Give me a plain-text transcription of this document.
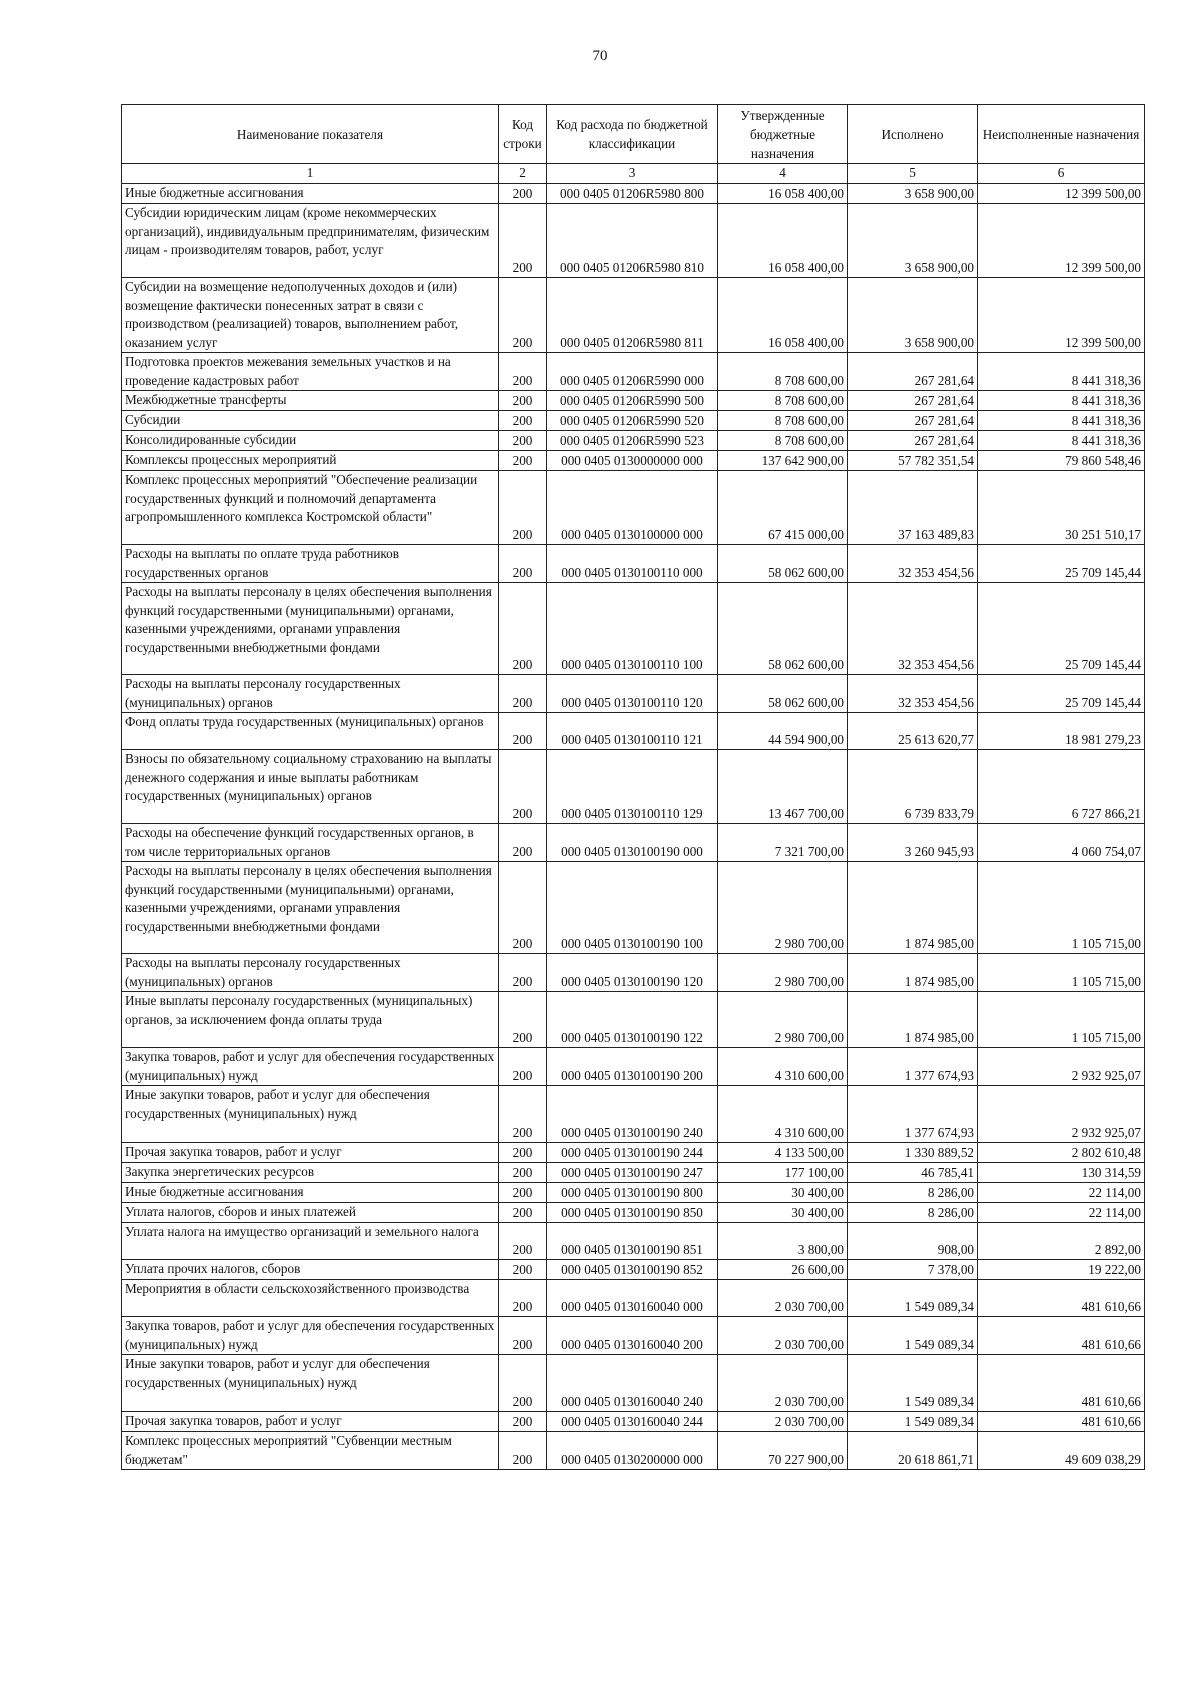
70
Наименование показателя	Код строки	Код расхода по бюджетной классификации	Утвержденные бюджетные назначения	Исполнено	Неисполненные назначения
1	2	3	4	5	6
Иные бюджетные ассигнования	200	000 0405 01206R5980 800	16 058 400,00	3 658 900,00	12 399 500,00
Субсидии юридическим лицам (кроме некоммерческих организаций), индивидуальным предпринимателям, физическим лицам - производителям товаров, работ, услуг	200	000 0405 01206R5980 810	16 058 400,00	3 658 900,00	12 399 500,00
Субсидии на возмещение недополученных доходов и (или) возмещение фактически понесенных затрат в связи с производством (реализацией) товаров, выполнением работ, оказанием услуг	200	000 0405 01206R5980 811	16 058 400,00	3 658 900,00	12 399 500,00
Подготовка проектов межевания земельных участков и на проведение кадастровых работ	200	000 0405 01206R5990 000	8 708 600,00	267 281,64	8 441 318,36
Межбюджетные трансферты	200	000 0405 01206R5990 500	8 708 600,00	267 281,64	8 441 318,36
Субсидии	200	000 0405 01206R5990 520	8 708 600,00	267 281,64	8 441 318,36
Консолидированные субсидии	200	000 0405 01206R5990 523	8 708 600,00	267 281,64	8 441 318,36
Комплексы процессных мероприятий	200	000 0405 0130000000 000	137 642 900,00	57 782 351,54	79 860 548,46
Комплекс процессных мероприятий "Обеспечение реализации государственных функций и полномочий департамента агропромышленного комплекса Костромской области"	200	000 0405 0130100000 000	67 415 000,00	37 163 489,83	30 251 510,17
Расходы на выплаты по оплате труда работников государственных органов	200	000 0405 0130100110 000	58 062 600,00	32 353 454,56	25 709 145,44
Расходы на выплаты персоналу в целях обеспечения выполнения функций государственными (муниципальными) органами, казенными учреждениями, органами управления государственными внебюджетными фондами	200	000 0405 0130100110 100	58 062 600,00	32 353 454,56	25 709 145,44
Расходы на выплаты персоналу государственных (муниципальных) органов	200	000 0405 0130100110 120	58 062 600,00	32 353 454,56	25 709 145,44
Фонд оплаты труда государственных (муниципальных) органов	200	000 0405 0130100110 121	44 594 900,00	25 613 620,77	18 981 279,23
Взносы по обязательному социальному страхованию на выплаты денежного содержания и иные выплаты работникам государственных (муниципальных) органов	200	000 0405 0130100110 129	13 467 700,00	6 739 833,79	6 727 866,21
Расходы на обеспечение функций государственных органов, в том числе территориальных органов	200	000 0405 0130100190 000	7 321 700,00	3 260 945,93	4 060 754,07
Расходы на выплаты персоналу в целях обеспечения выполнения функций государственными (муниципальными) органами, казенными учреждениями, органами управления государственными внебюджетными фондами	200	000 0405 0130100190 100	2 980 700,00	1 874 985,00	1 105 715,00
Расходы на выплаты персоналу государственных (муниципальных) органов	200	000 0405 0130100190 120	2 980 700,00	1 874 985,00	1 105 715,00
Иные выплаты персоналу государственных (муниципальных) органов, за исключением фонда оплаты труда	200	000 0405 0130100190 122	2 980 700,00	1 874 985,00	1 105 715,00
Закупка товаров, работ и услуг для обеспечения государственных (муниципальных) нужд	200	000 0405 0130100190 200	4 310 600,00	1 377 674,93	2 932 925,07
Иные закупки товаров, работ и услуг для обеспечения государственных (муниципальных) нужд	200	000 0405 0130100190 240	4 310 600,00	1 377 674,93	2 932 925,07
Прочая закупка товаров, работ и услуг	200	000 0405 0130100190 244	4 133 500,00	1 330 889,52	2 802 610,48
Закупка энергетических ресурсов	200	000 0405 0130100190 247	177 100,00	46 785,41	130 314,59
Иные бюджетные ассигнования	200	000 0405 0130100190 800	30 400,00	8 286,00	22 114,00
Уплата налогов, сборов и иных платежей	200	000 0405 0130100190 850	30 400,00	8 286,00	22 114,00
Уплата налога на имущество организаций и земельного налога	200	000 0405 0130100190 851	3 800,00	908,00	2 892,00
Уплата прочих налогов, сборов	200	000 0405 0130100190 852	26 600,00	7 378,00	19 222,00
Мероприятия в области сельскохозяйственного производства	200	000 0405 0130160040 000	2 030 700,00	1 549 089,34	481 610,66
Закупка товаров, работ и услуг для обеспечения государственных (муниципальных) нужд	200	000 0405 0130160040 200	2 030 700,00	1 549 089,34	481 610,66
Иные закупки товаров, работ и услуг для обеспечения государственных (муниципальных) нужд	200	000 0405 0130160040 240	2 030 700,00	1 549 089,34	481 610,66
Прочая закупка товаров, работ и услуг	200	000 0405 0130160040 244	2 030 700,00	1 549 089,34	481 610,66
Комплекс процессных мероприятий "Субвенции местным бюджетам"	200	000 0405 0130200000 000	70 227 900,00	20 618 861,71	49 609 038,29
